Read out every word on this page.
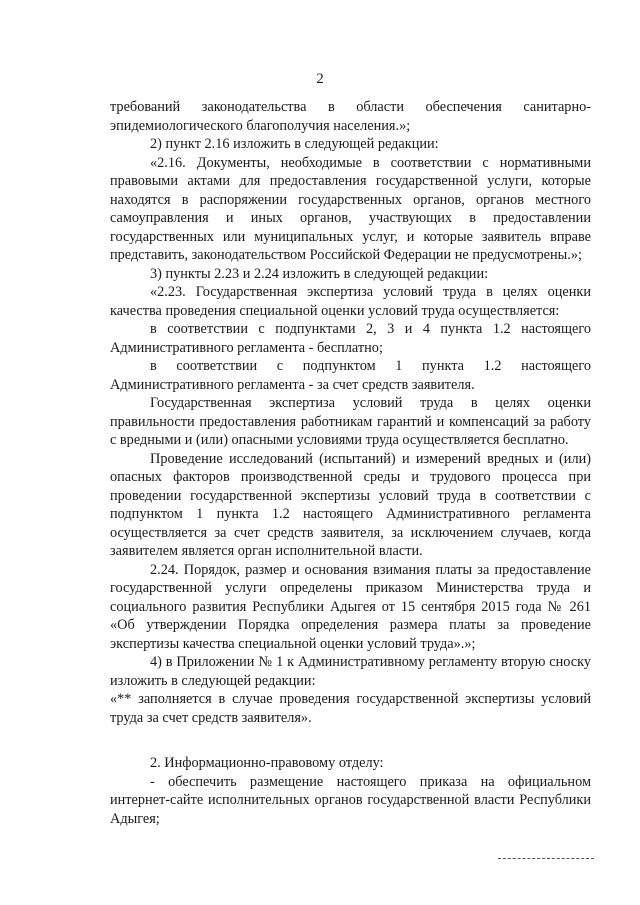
2

требований законодательства в области обеспечения санитарно-эпидемиологического благополучия населения.»;

2) пункт 2.16 изложить в следующей редакции:

«2.16. Документы, необходимые в соответствии с нормативными правовыми актами для предоставления государственной услуги, которые находятся в распоряжении государственных органов, органов местного самоуправления и иных органов, участвующих в предоставлении государственных или муниципальных услуг, и которые заявитель вправе представить, законодательством Российской Федерации не предусмотрены.»;

3) пункты 2.23 и 2.24 изложить в следующей редакции:

«2.23. Государственная экспертиза условий труда в целях оценки качества проведения специальной оценки условий труда осуществляется:

в соответствии с подпунктами 2, 3 и 4 пункта 1.2 настоящего Административного регламента - бесплатно;

в соответствии с подпунктом 1 пункта 1.2 настоящего Административного регламента - за счет средств заявителя.

Государственная экспертиза условий труда в целях оценки правильности предоставления работникам гарантий и компенсаций за работу с вредными и (или) опасными условиями труда осуществляется бесплатно.

Проведение исследований (испытаний) и измерений вредных и (или) опасных факторов производственной среды и трудового процесса при проведении государственной экспертизы условий труда в соответствии с подпунктом 1 пункта 1.2 настоящего Административного регламента осуществляется за счет средств заявителя, за исключением случаев, когда заявителем является орган исполнительной власти.

2.24. Порядок, размер и основания взимания платы за предоставление государственной услуги определены приказом Министерства труда и социального развития Республики Адыгея от 15 сентября 2015 года № 261 «Об утверждении Порядка определения размера платы за проведение экспертизы качества специальной оценки условий труда».»;

4) в Приложении № 1 к Административному регламенту вторую сноску изложить в следующей редакции:

«** заполняется в случае проведения государственной экспертизы условий труда за счет средств заявителя».

2. Информационно-правовому отделу:

- обеспечить размещение настоящего приказа на официальном интернет-сайте исполнительных органов государственной власти Республики Адыгея;
